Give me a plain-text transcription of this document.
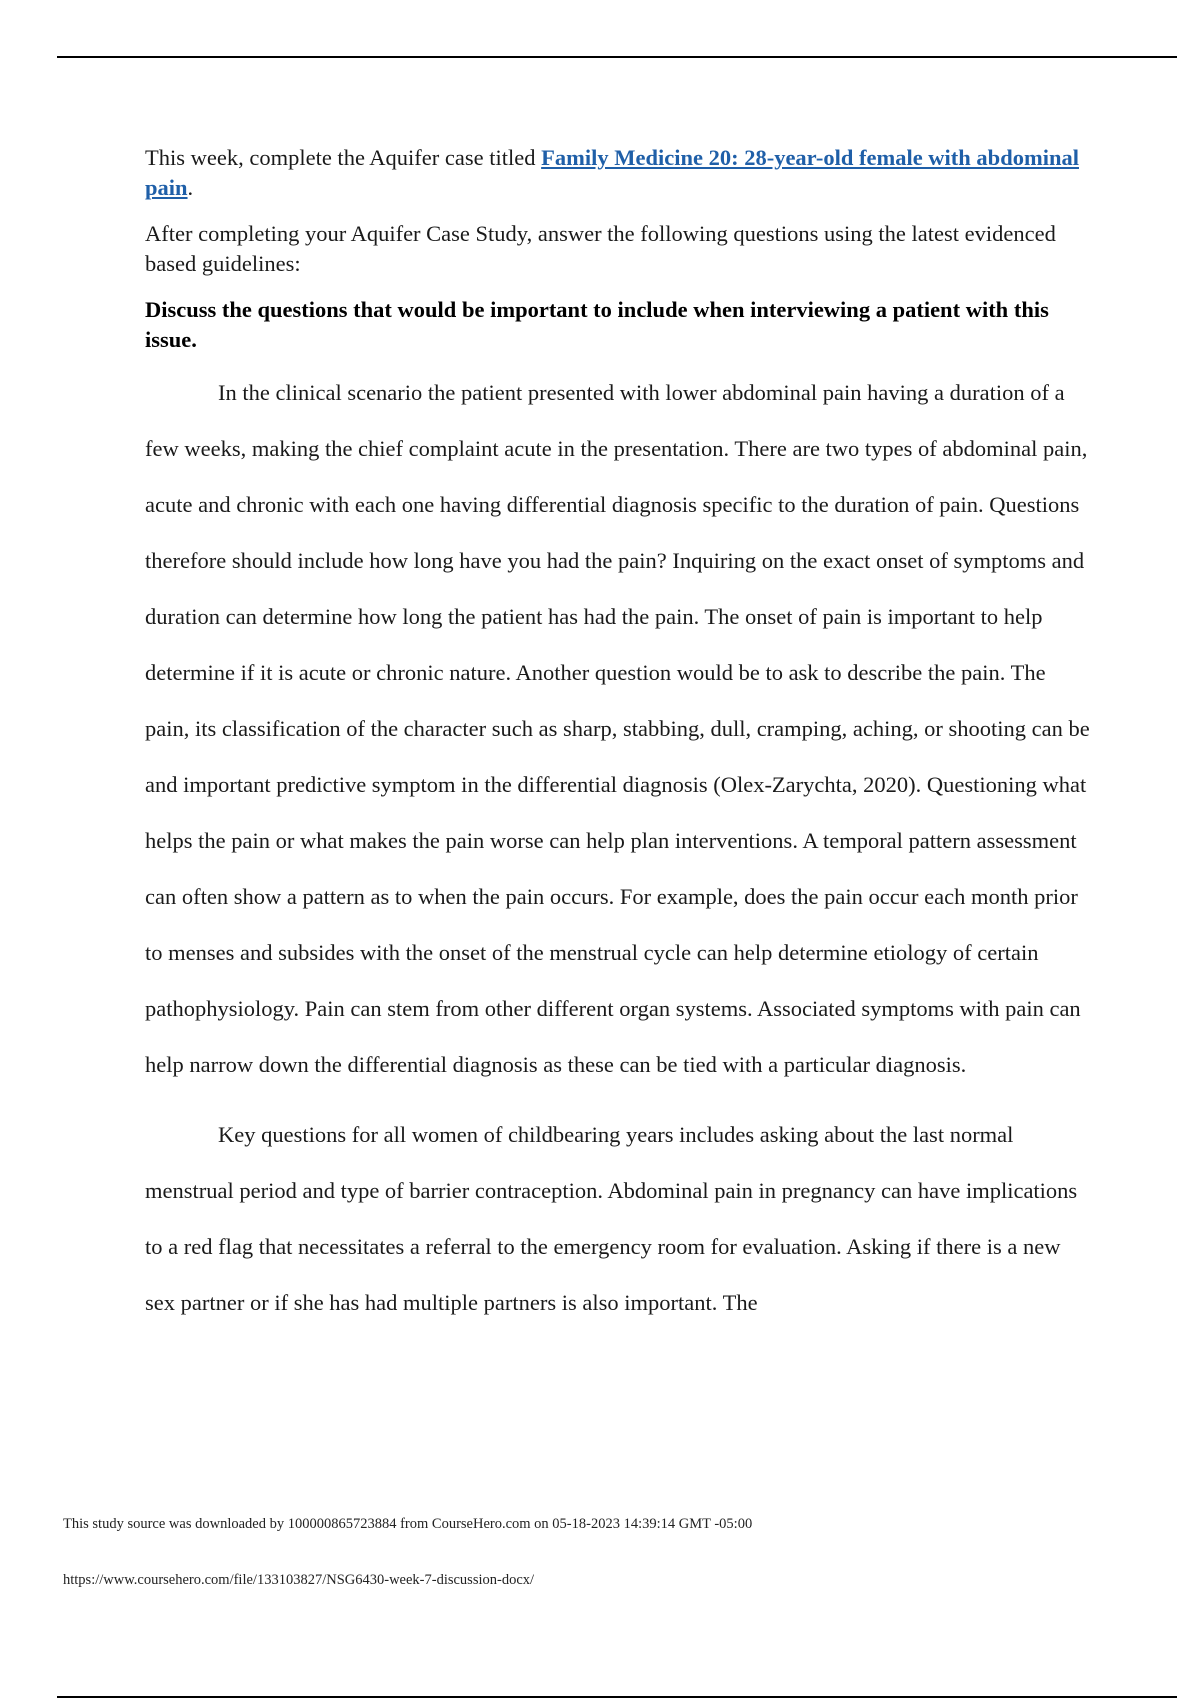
This week, complete the Aquifer case titled Family Medicine 20: 28-year-old female with abdominal pain.

After completing your Aquifer Case Study, answer the following questions using the latest evidenced based guidelines:

Discuss the questions that would be important to include when interviewing a patient with this issue.

In the clinical scenario the patient presented with lower abdominal pain having a duration of a few weeks, making the chief complaint acute in the presentation. There are two types of abdominal pain, acute and chronic with each one having differential diagnosis specific to the duration of pain. Questions therefore should include how long have you had the pain? Inquiring on the exact onset of symptoms and duration can determine how long the patient has had the pain. The onset of pain is important to help determine if it is acute or chronic nature. Another question would be to ask to describe the pain. The pain, its classification of the character such as sharp, stabbing, dull, cramping, aching, or shooting can be and important predictive symptom in the differential diagnosis (Olex-Zarychta, 2020). Questioning what helps the pain or what makes the pain worse can help plan interventions. A temporal pattern assessment can often show a pattern as to when the pain occurs. For example, does the pain occur each month prior to menses and subsides with the onset of the menstrual cycle can help determine etiology of certain pathophysiology. Pain can stem from other different organ systems. Associated symptoms with pain can help narrow down the differential diagnosis as these can be tied with a particular diagnosis.

Key questions for all women of childbearing years includes asking about the last normal menstrual period and type of barrier contraception. Abdominal pain in pregnancy can have implications to a red flag that necessitates a referral to the emergency room for evaluation. Asking if there is a new sex partner or if she has had multiple partners is also important. The

This study source was downloaded by 100000865723884 from CourseHero.com on 05-18-2023 14:39:14 GMT -05:00
https://www.coursehero.com/file/133103827/NSG6430-week-7-discussion-docx/
